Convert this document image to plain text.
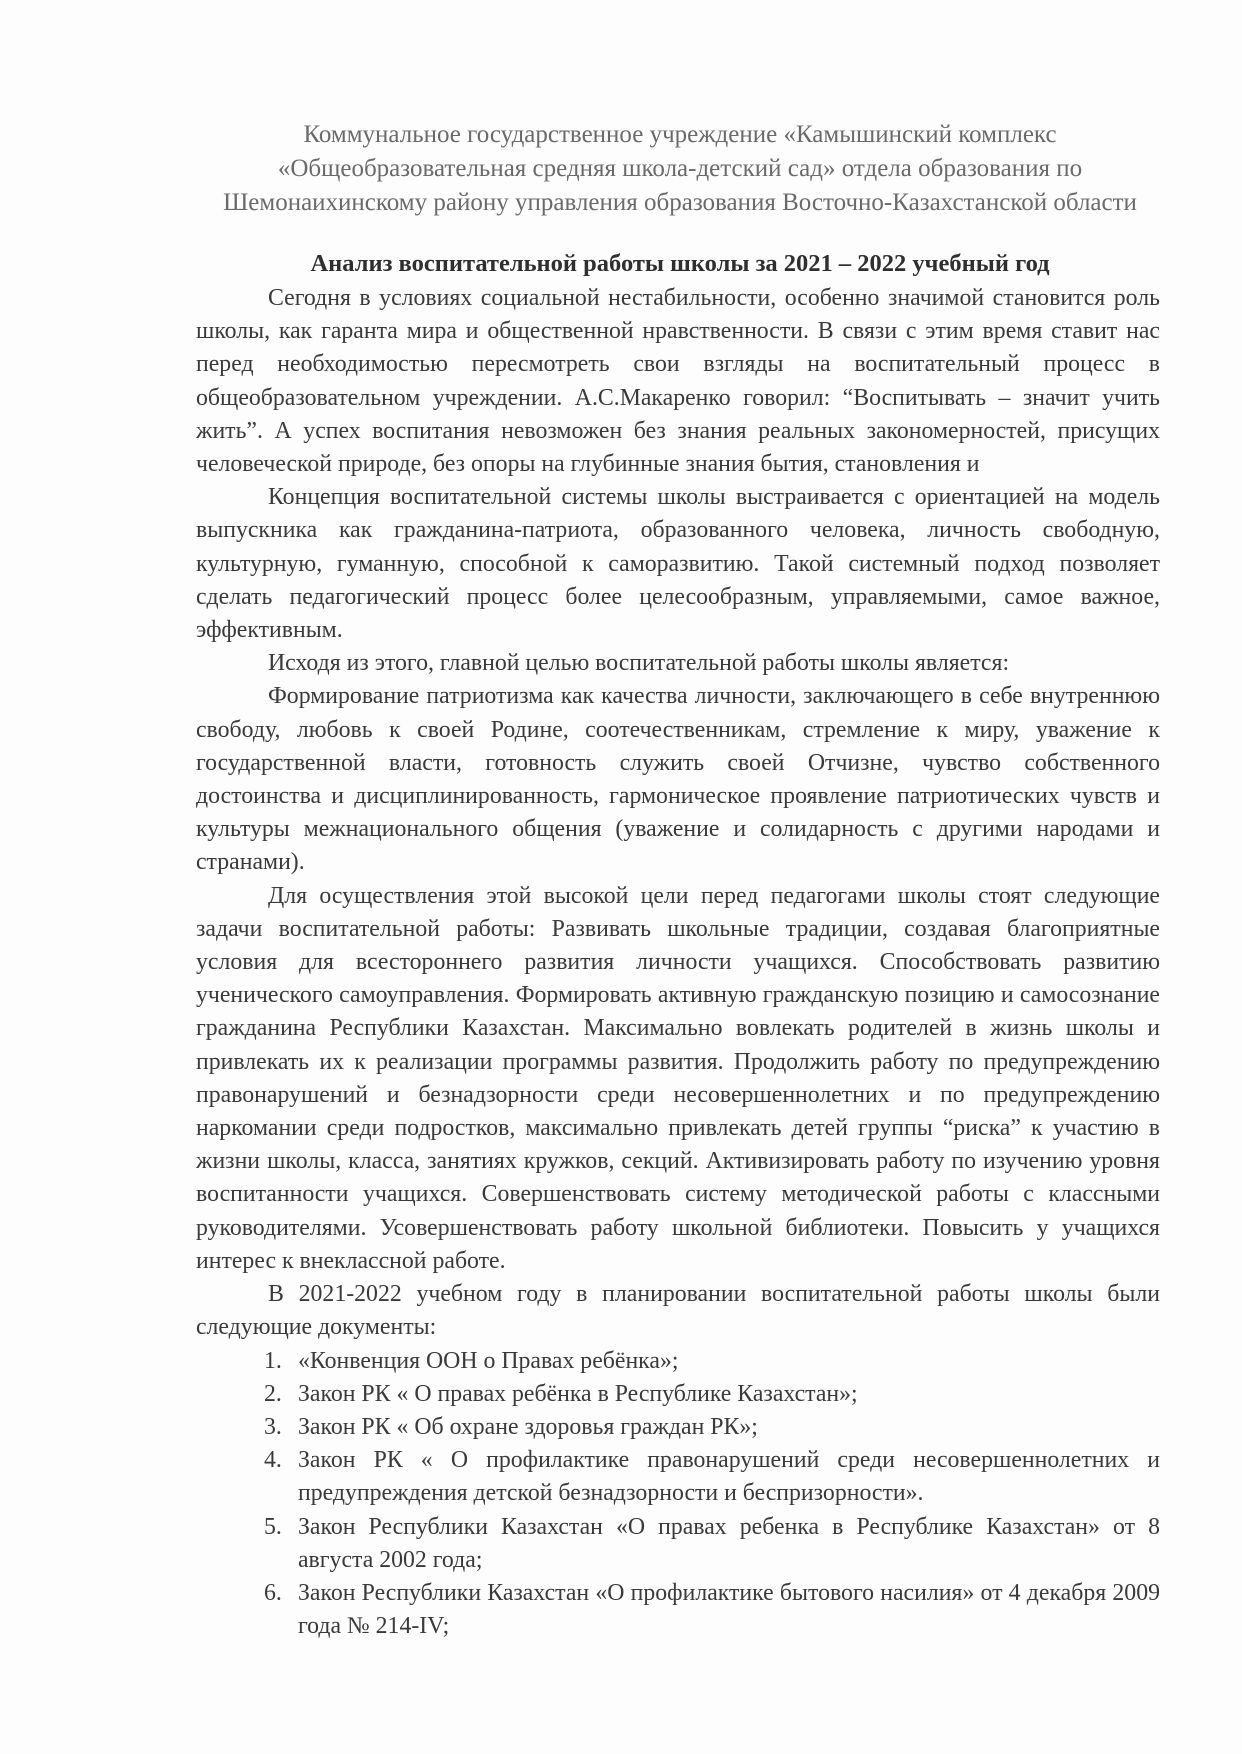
Коммунальное государственное учреждение «Камышинский комплекс
«Общеобразовательная средняя школа-детский сад» отдела образования по
Шемонаихинскому району управления образования Восточно-Казахстанской области
Анализ воспитательной работы школы за 2021 – 2022 учебный год

Сегодня в условиях социальной нестабильности, особенно значимой становится роль школы, как гаранта мира и общественной нравственности. В связи с этим время ставит нас перед необходимостью пересмотреть свои взгляды на воспитательный процесс в общеобразовательном учреждении. А.С.Макаренко говорил: “Воспитывать – значит учить жить”. А успех воспитания невозможен без знания реальных закономерностей, присущих человеческой природе, без опоры на глубинные знания бытия, становления и

Концепция воспитательной системы школы выстраивается с ориентацией на модель выпускника как гражданина-патриота, образованного человека, личность свободную, культурную, гуманную, способной к саморазвитию. Такой системный подход позволяет сделать педагогический процесс более целесообразным, управляемыми, самое важное, эффективным.

Исходя из этого, главной целью воспитательной работы школы является:

Формирование патриотизма как качества личности, заключающего в себе внутреннюю свободу, любовь к своей Родине, соотечественникам, стремление к миру, уважение к государственной власти, готовность служить своей Отчизне, чувство собственного достоинства и дисциплинированность, гармоническое проявление патриотических чувств и культуры межнационального общения (уважение и солидарность с другими народами и странами).

Для осуществления этой высокой цели перед педагогами школы стоят следующие задачи воспитательной работы: Развивать школьные традиции, создавая благоприятные условия для всестороннего развития личности учащихся. Способствовать развитию ученического самоуправления. Формировать активную гражданскую позицию и самосознание гражданина Республики Казахстан. Максимально вовлекать родителей в жизнь школы и привлекать их к реализации программы развития. Продолжить работу по предупреждению правонарушений и безнадзорности среди несовершеннолетних и по предупреждению наркомании среди подростков, максимально привлекать детей группы “риска” к участию в жизни школы, класса, занятиях кружков, секций. Активизировать работу по изучению уровня воспитанности учащихся. Совершенствовать систему методической работы с классными руководителями. Усовершенствовать работу школьной библиотеки. Повысить у учащихся интерес к внеклассной работе.

В 2021-2022 учебном году в планировании воспитательной работы школы были следующие документы:

1. «Конвенция ООН о Правах ребёнка»;
2. Закон РК « О правах ребёнка в Республике Казахстан»;
3. Закон РК « Об охране здоровья граждан РК»;
4. Закон РК « О профилактике правонарушений среди несовершеннолетних и предупреждения детской безнадзорности и беспризорности».
5. Закон Республики Казахстан «О правах ребенка в Республике Казахстан» от 8 августа 2002 года;
6. Закон Республики Казахстан «О профилактике бытового насилия» от 4 декабря 2009 года № 214-IV;
